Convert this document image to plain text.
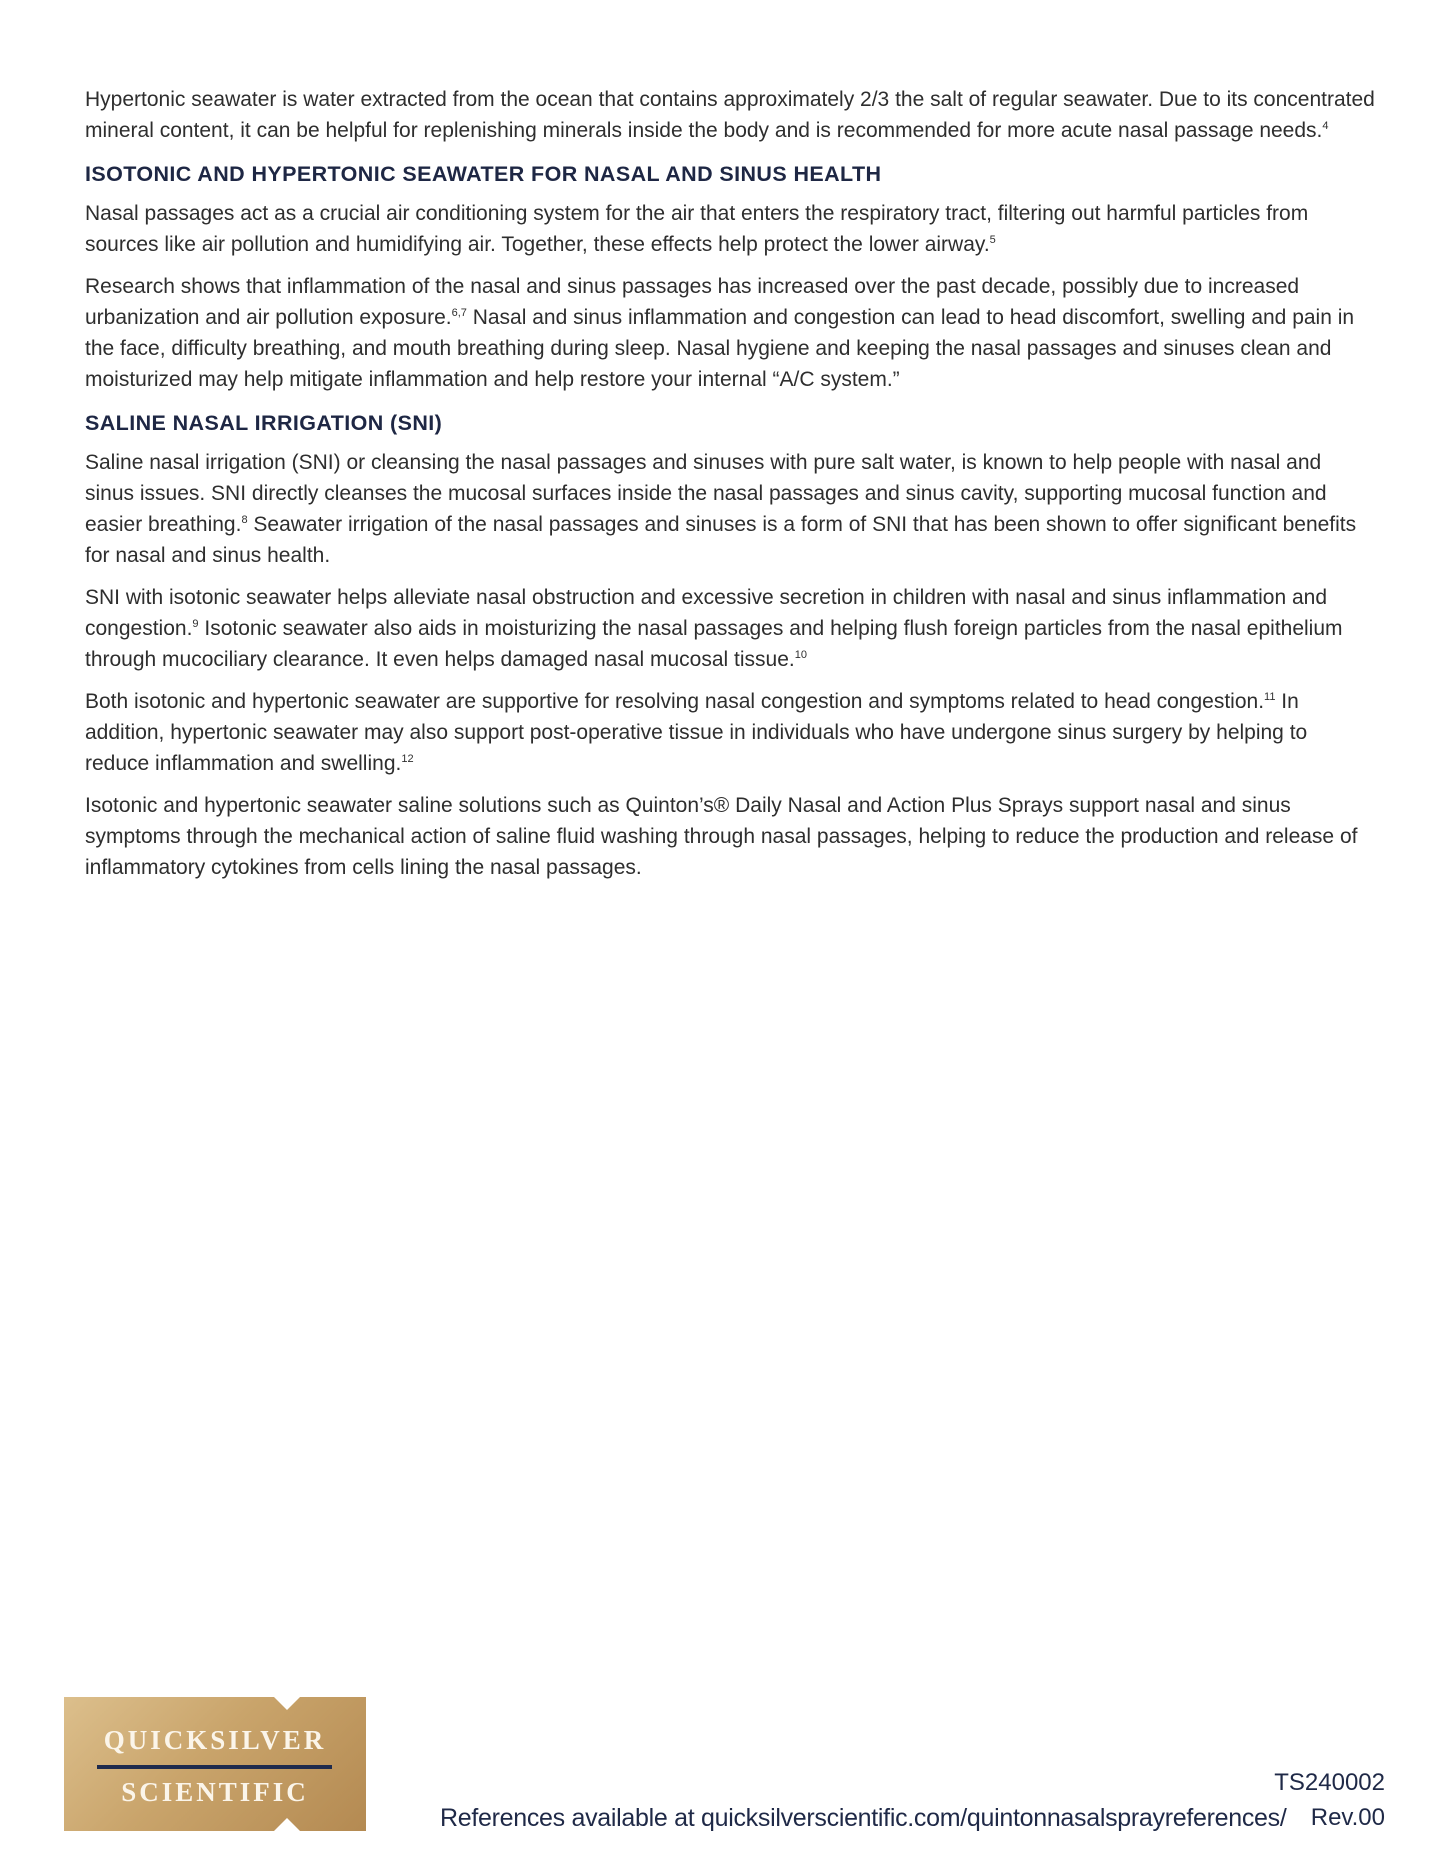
Hypertonic seawater is water extracted from the ocean that contains approximately 2/3 the salt of regular seawater. Due to its concentrated mineral content, it can be helpful for replenishing minerals inside the body and is recommended for more acute nasal passage needs.$^4$

ISOTONIC AND HYPERTONIC SEAWATER FOR NASAL AND SINUS HEALTH

Nasal passages act as a crucial air conditioning system for the air that enters the respiratory tract, filtering out harmful particles from sources like air pollution and humidifying air. Together, these effects help protect the lower airway.$^5$

Research shows that inflammation of the nasal and sinus passages has increased over the past decade, possibly due to increased urbanization and air pollution exposure.$^{6,7}$ Nasal and sinus inflammation and congestion can lead to head discomfort, swelling and pain in the face, difficulty breathing, and mouth breathing during sleep. Nasal hygiene and keeping the nasal passages and sinuses clean and moisturized may help mitigate inflammation and help restore your internal “A/C system.”

SALINE NASAL IRRIGATION (SNI)

Saline nasal irrigation (SNI) or cleansing the nasal passages and sinuses with pure salt water, is known to help people with nasal and sinus issues. SNI directly cleanses the mucosal surfaces inside the nasal passages and sinus cavity, supporting mucosal function and easier breathing.$^8$ Seawater irrigation of the nasal passages and sinuses is a form of SNI that has been shown to offer significant benefits for nasal and sinus health.

SNI with isotonic seawater helps alleviate nasal obstruction and excessive secretion in children with nasal and sinus inflammation and congestion.$^9$ Isotonic seawater also aids in moisturizing the nasal passages and helping flush foreign particles from the nasal epithelium through mucociliary clearance. It even helps damaged nasal mucosal tissue.$^{10}$

Both isotonic and hypertonic seawater are supportive for resolving nasal congestion and symptoms related to head congestion.$^{11}$ In addition, hypertonic seawater may also support post-operative tissue in individuals who have undergone sinus surgery by helping to reduce inflammation and swelling.$^{12}$

Isotonic and hypertonic seawater saline solutions such as Quinton’s® Daily Nasal and Action Plus Sprays support nasal and sinus symptoms through the mechanical action of saline fluid washing through nasal passages, helping to reduce the production and release of inflammatory cytokines from cells lining the nasal passages.

QUICKSILVER
SCIENTIFIC
References available at quicksilverscientific.com/quintonnasalsprayreferences/
TS240002
Rev.00
